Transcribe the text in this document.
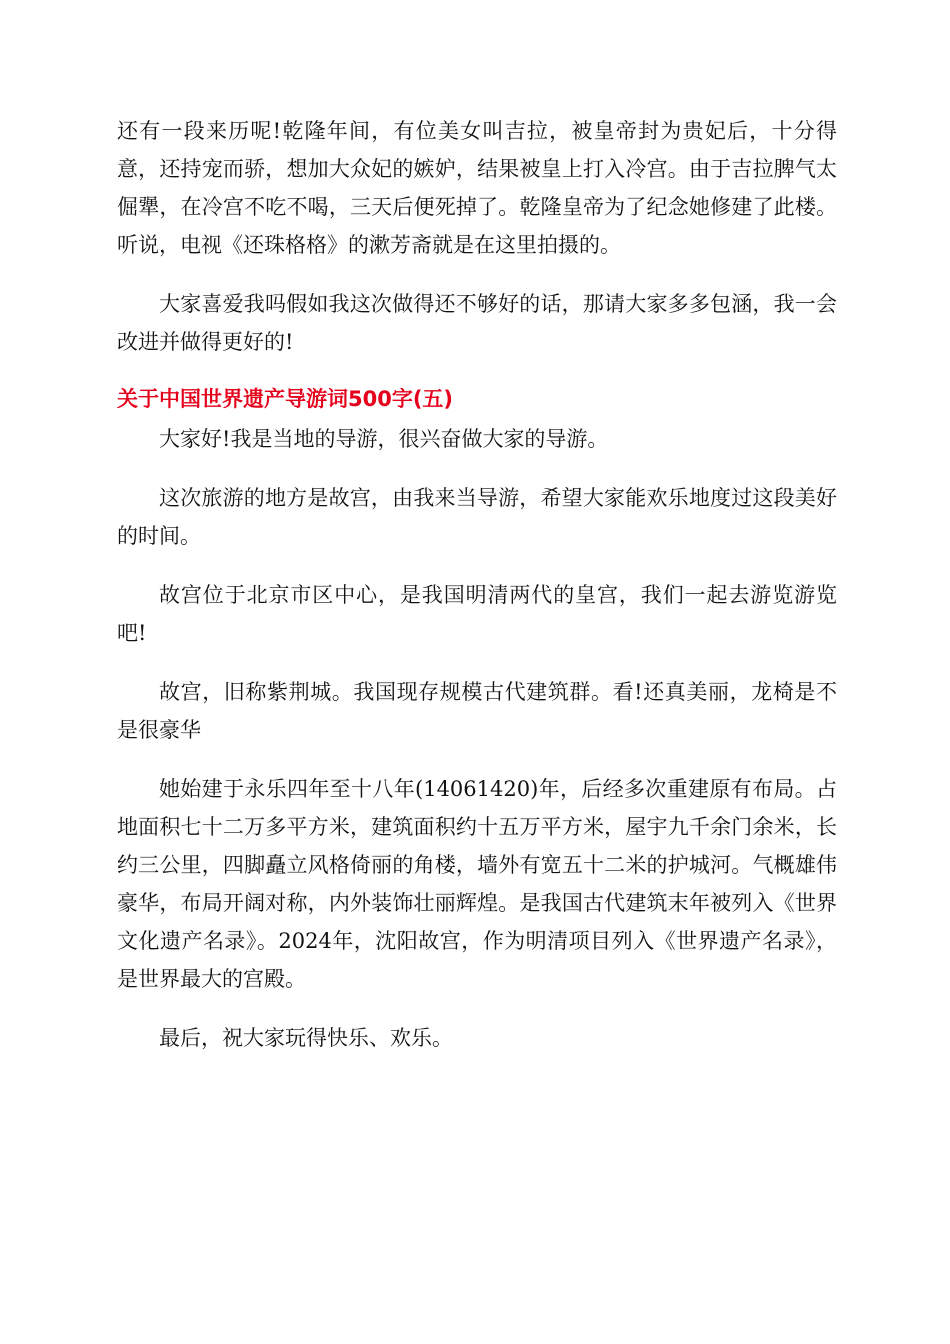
还有一段来历呢!乾隆年间，有位美女叫吉拉，被皇帝封为贵妃后，十分得意，还持宠而骄，想加大众妃的嫉妒，结果被皇上打入冷宫。由于吉拉脾气太倔犟，在冷宫不吃不喝，三天后便死掉了。乾隆皇帝为了纪念她修建了此楼。听说，电视《还珠格格》的漱芳斋就是在这里拍摄的。

大家喜爱我吗假如我这次做得还不够好的话，那请大家多多包涵，我一会改进并做得更好的!

关于中国世界遗产导游词500字(五)

大家好!我是当地的导游，很兴奋做大家的导游。

这次旅游的地方是故宫，由我来当导游，希望大家能欢乐地度过这段美好的时间。

故宫位于北京市区中心，是我国明清两代的皇宫，我们一起去游览游览吧!

故宫，旧称紫荆城。我国现存规模古代建筑群。看!还真美丽，龙椅是不是很豪华

她始建于永乐四年至十八年(14061420)年，后经多次重建原有布局。占地面积七十二万多平方米，建筑面积约十五万平方米，屋宇九千余门余米，长约三公里，四脚矗立风格倚丽的角楼，墙外有宽五十二米的护城河。气概雄伟豪华，布局开阔对称，内外装饰壮丽辉煌。是我国古代建筑末年被列入《世界文化遗产名录》。2024年，沈阳故宫，作为明清项目列入《世界遗产名录》，是世界最大的宫殿。

最后，祝大家玩得快乐、欢乐。
